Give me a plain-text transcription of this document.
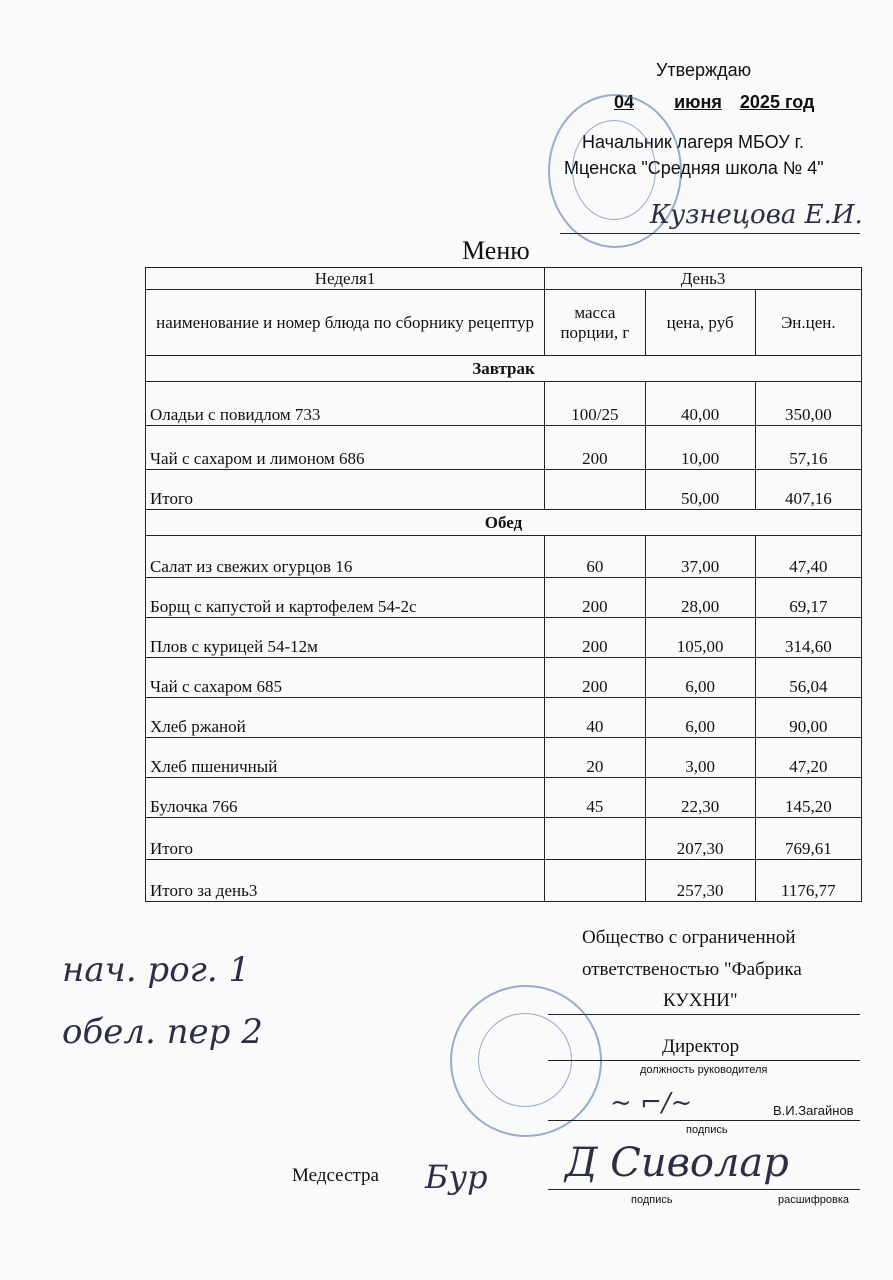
Утверждаю
04 июня 2025 год
Начальник лагеря МБОУ г.
Мценска "Средняя школа № 4"
Кузнецова Е.И.
Меню
Неделя1	День3		
наименование и номер блюда по сборнику рецептур	масса порции, г	цена, руб	Эн.цен.
Завтрак			
Оладьи с повидлом 733	100/25	40,00	350,00
Чай с сахаром и лимоном 686	200	10,00	57,16
Итого		50,00	407,16
Обед			
Салат из свежих огурцов 16	60	37,00	47,40
Борщ с капустой и картофелем 54-2с	200	28,00	69,17
Плов с курицей 54-12м	200	105,00	314,60
Чай с сахаром 685	200	6,00	56,04
Хлеб ржаной	40	6,00	90,00
Хлеб пшеничный	20	3,00	47,20
Булочка 766	45	22,30	145,20
Итого		207,30	769,61
Итого за день3		257,30	1176,77
Общество с ограниченной
ответственостью "Фабрика
КУХНИ"
Директор
должность руководителя
~ ⌐/~	В.И.Загайнов
подпись
Медсестра Бур Д Сиволар
подпись	расшифровка
нач. рог. 1
обел. пер 2
